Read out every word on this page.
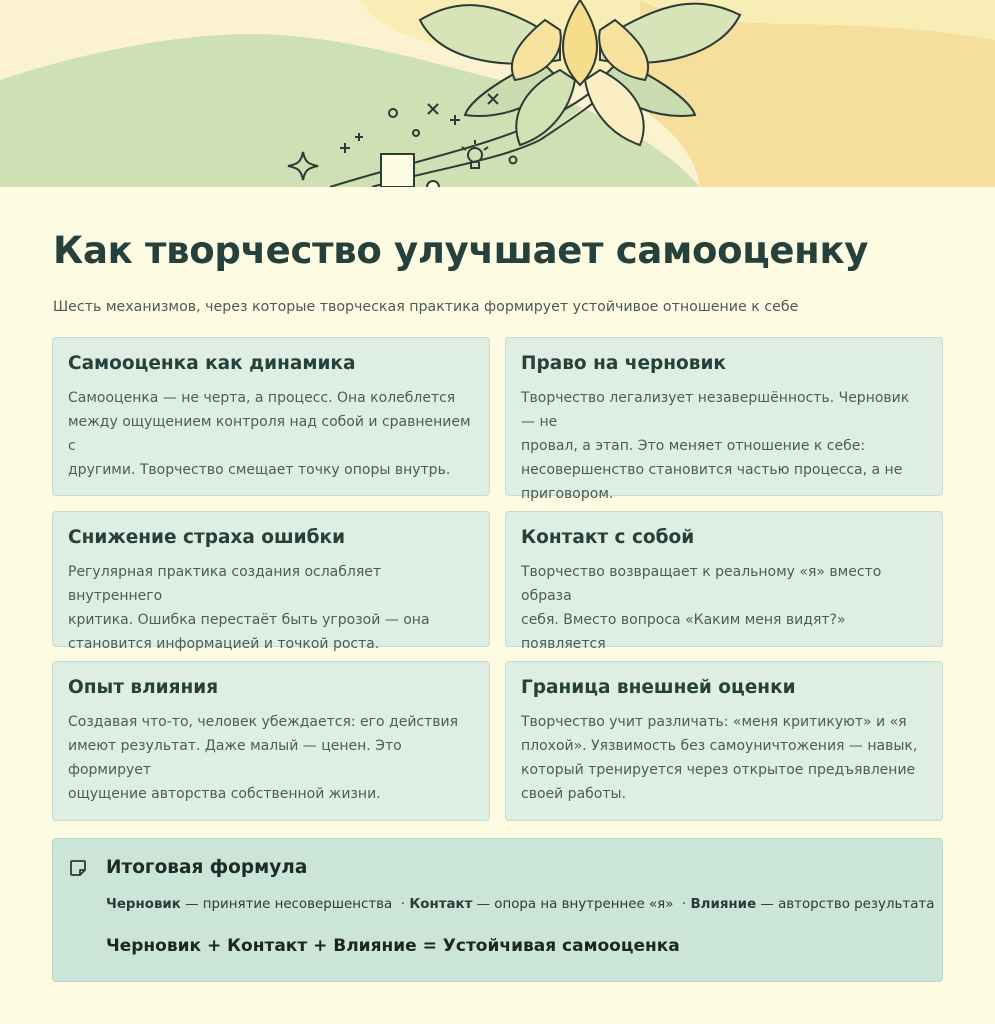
Как творчество улучшает самооценку

Шесть механизмов, через которые творческая практика формирует устойчивое отношение к себе

Самооценка как динамика

Самооценка — не черта, а процесс. Она колеблется
между ощущением контроля над собой и сравнением с
другими. Творчество смещает точку опоры внутрь.

Право на черновик

Творчество легализует незавершённость. Черновик — не
провал, а этап. Это меняет отношение к себе:
несовершенство становится частью процесса, а не
приговором.

Снижение страха ошибки

Регулярная практика создания ослабляет внутреннего
критика. Ошибка перестаёт быть угрозой — она
становится информацией и точкой роста.

Контакт с собой

Творчество возвращает к реальному «я» вместо образа
себя. Вместо вопроса «Каким меня видят?» появляется

Опыт влияния

Создавая что-то, человек убеждается: его действия
имеют результат. Даже малый — ценен. Это формирует
ощущение авторства собственной жизни.

Граница внешней оценки

Творчество учит различать: «меня критикуют» и «я
плохой». Уязвимость без самоуничтожения — навык,
который тренируется через открытое предъявление
своей работы.

Итоговая формула
Черновик — принятие несовершенства · Контакт — опора на внутреннее «я» · Влияние — авторство результата
Черновик + Контакт + Влияние = Устойчивая самооценка
